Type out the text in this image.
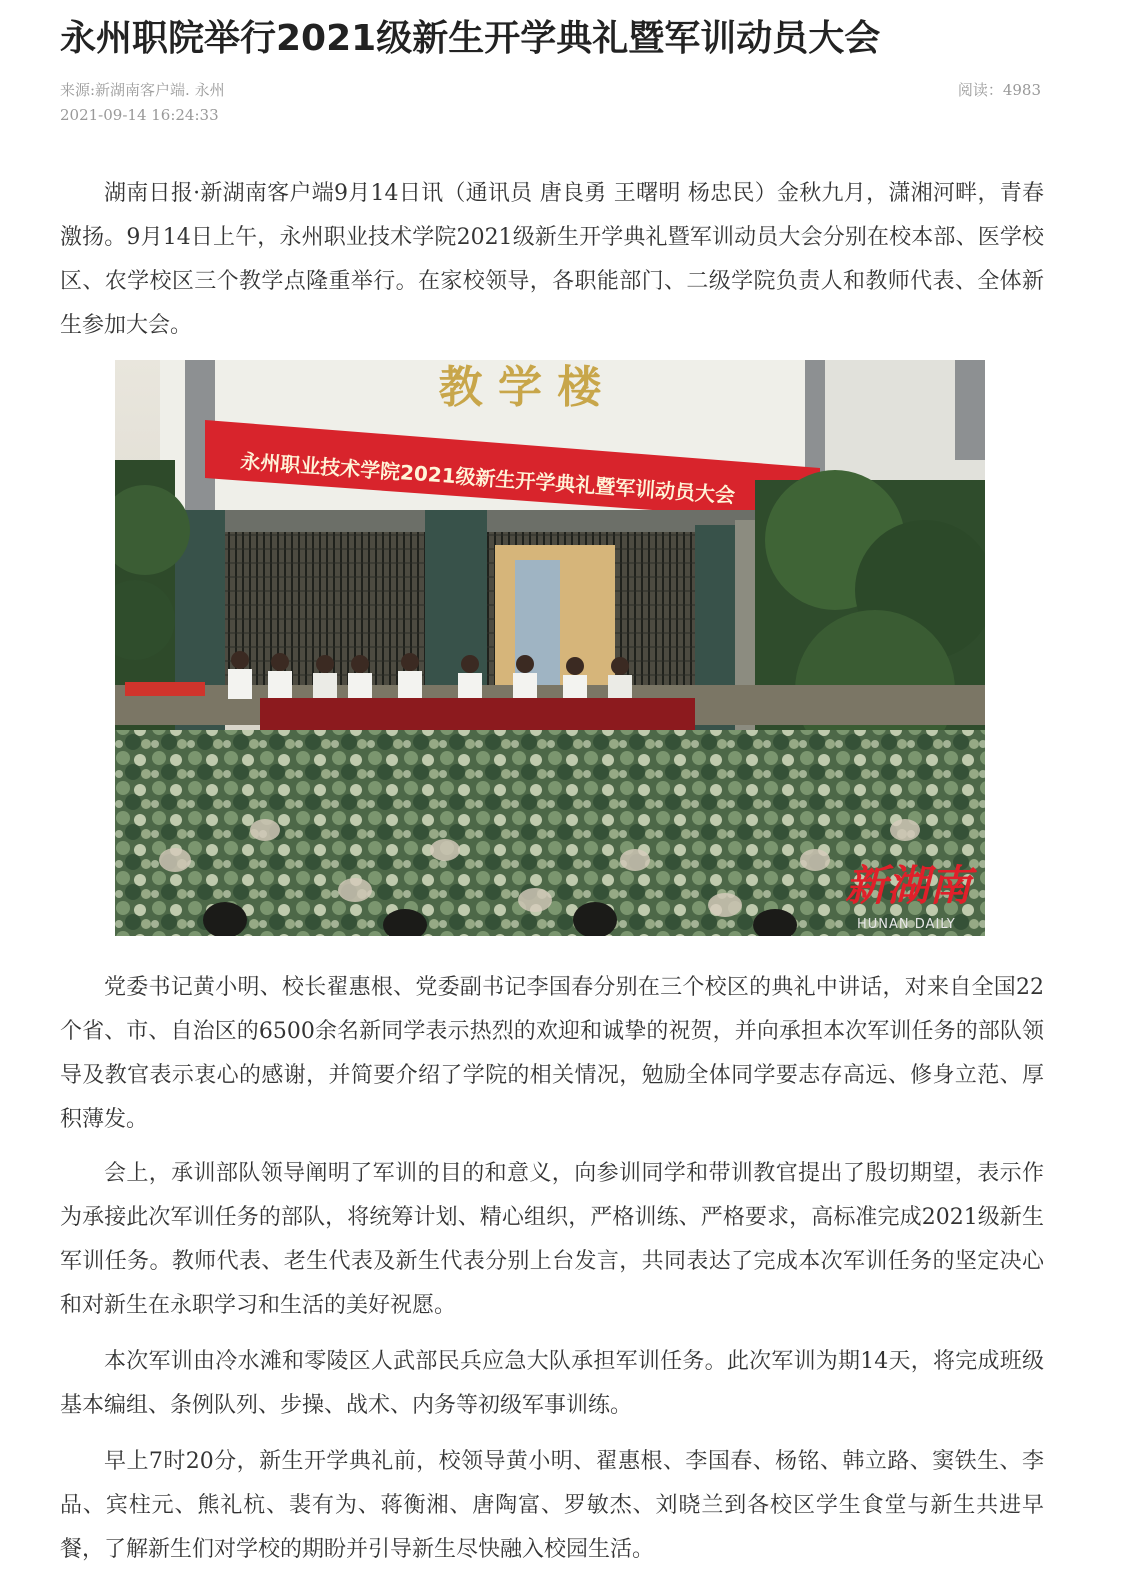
永州职院举行2021级新生开学典礼暨军训动员大会
来源:新湖南客户端. 永州
2021-09-14 16:24:33
阅读：4983

湖南日报·新湖南客户端9月14日讯（通讯员 唐良勇 王曙明 杨忠民）金秋九月，潇湘河畔，青春激扬。9月14日上午，永州职业技术学院2021级新生开学典礼暨军训动员大会分别在校本部、医学校区、农学校区三个教学点隆重举行。在家校领导，各职能部门、二级学院负责人和教师代表、全体新生参加大会。

教 学 楼
永州职业技术学院2021级新生开学典礼暨军训动员大会
新湖南
HUNAN DAILY

党委书记黄小明、校长翟惠根、党委副书记李国春分别在三个校区的典礼中讲话，对来自全国22个省、市、自治区的6500余名新同学表示热烈的欢迎和诚挚的祝贺，并向承担本次军训任务的部队领导及教官表示衷心的感谢，并简要介绍了学院的相关情况，勉励全体同学要志存高远、修身立范、厚积薄发。

会上，承训部队领导阐明了军训的目的和意义，向参训同学和带训教官提出了殷切期望，表示作为承接此次军训任务的部队，将统筹计划、精心组织，严格训练、严格要求，高标准完成2021级新生军训任务。教师代表、老生代表及新生代表分别上台发言，共同表达了完成本次军训任务的坚定决心和对新生在永职学习和生活的美好祝愿。

本次军训由冷水滩和零陵区人武部民兵应急大队承担军训任务。此次军训为期14天，将完成班级基本编组、条例队列、步操、战术、内务等初级军事训练。

早上7时20分，新生开学典礼前，校领导黄小明、翟惠根、李国春、杨铭、韩立路、窦铁生、李品、宾柱元、熊礼杭、裴有为、蒋衡湘、唐陶富、罗敏杰、刘晓兰到各校区学生食堂与新生共进早餐，了解新生们对学校的期盼并引导新生尽快融入校园生活。
